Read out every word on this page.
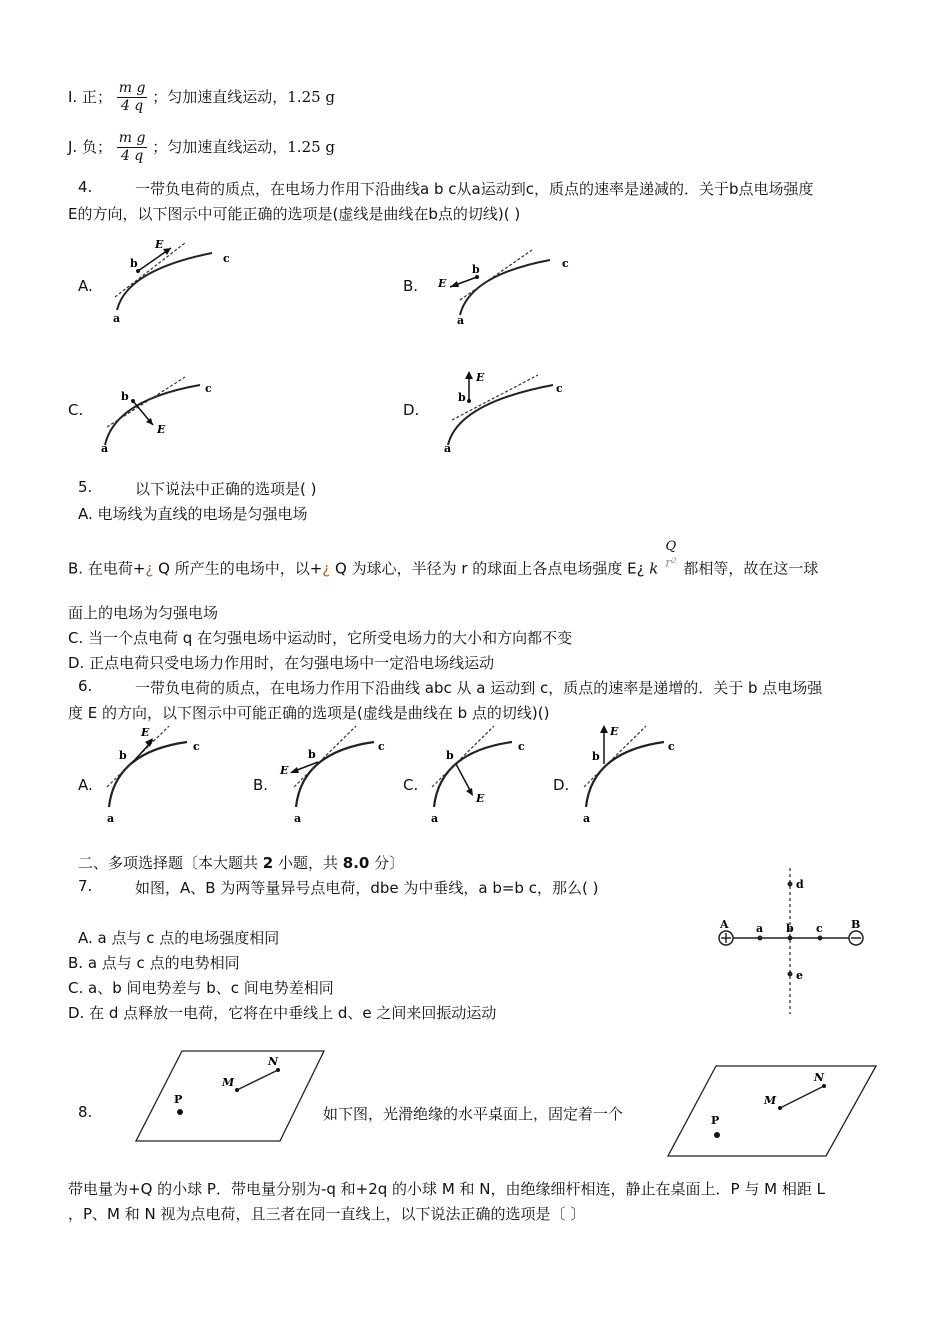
I. 正； $\frac{\text{m g}}{4 q}$ ；匀加速直线运动，1.25 g
J. 负； $\frac{\text{m g}}{4 q}$ ；匀加速直线运动，1.25 g
4.	一带负电荷的质点，在电场力作用下沿曲线a b c从a运动到c，质点的速率是递减的．关于b点电场强度
E的方向，以下图示中可能正确的选项是(虚线是曲线在b点的切线)( )
A.	B.
C.	D.
a
b	c
E
a
b	c
E
a
b
c
E
a
b
c
E
5.	以下说法中正确的选项是( )
A. 电场线为直线的电场是匀强电场
B. 在电荷+¿ Q 所产生的电场中，以+¿ Q 为球心，半径为 r 的球面上各点电场强度 E¿ k
Q
r² 都相等，故在这一球
面上的电场为匀强电场
C. 当一个点电荷 q 在匀强电场中运动时，它所受电场力的大小和方向都不变
D. 正点电荷只受电场力作用时，在匀强电场中一定沿电场线运动
6.	一带负电荷的质点，在电场力作用下沿曲线 abc 从 a 运动到 c，质点的速率是递增的．关于 b 点电场强
度 E 的方向，以下图示中可能正确的选项是(虚线是曲线在 b 点的切线)()
A.	B.	C.	D.
a
b
c
E
a
b
c
E
a
b
c
E
a
b
c
E
二、多项选择题〔本大题共 2 小题，共 8.0 分〕
7.	如图，A、B 为两等量异号点电荷，dbe 为中垂线，a b=b c，那么( )
A. a 点与 c 点的电场强度相同
B. a 点与 c 点的电势相同
C. a、b 间电势差与 b、c 间电势差相同
D. 在 d 点释放一电荷，它将在中垂线上 d、e 之间来回振动运动
A	B
a b c
d
e
8.
P
M
N
如下图，光滑绝缘的水平桌面上，固定着一个	P
M
N
带电量为+Q 的小球 P．带电量分别为-q 和+2q 的小球 M 和 N，由绝缘细杆相连，静止在桌面上．P 与 M 相距 L
，P、M 和 N 视为点电荷，且三者在同一直线上，以下说法正确的选项是〔 〕
